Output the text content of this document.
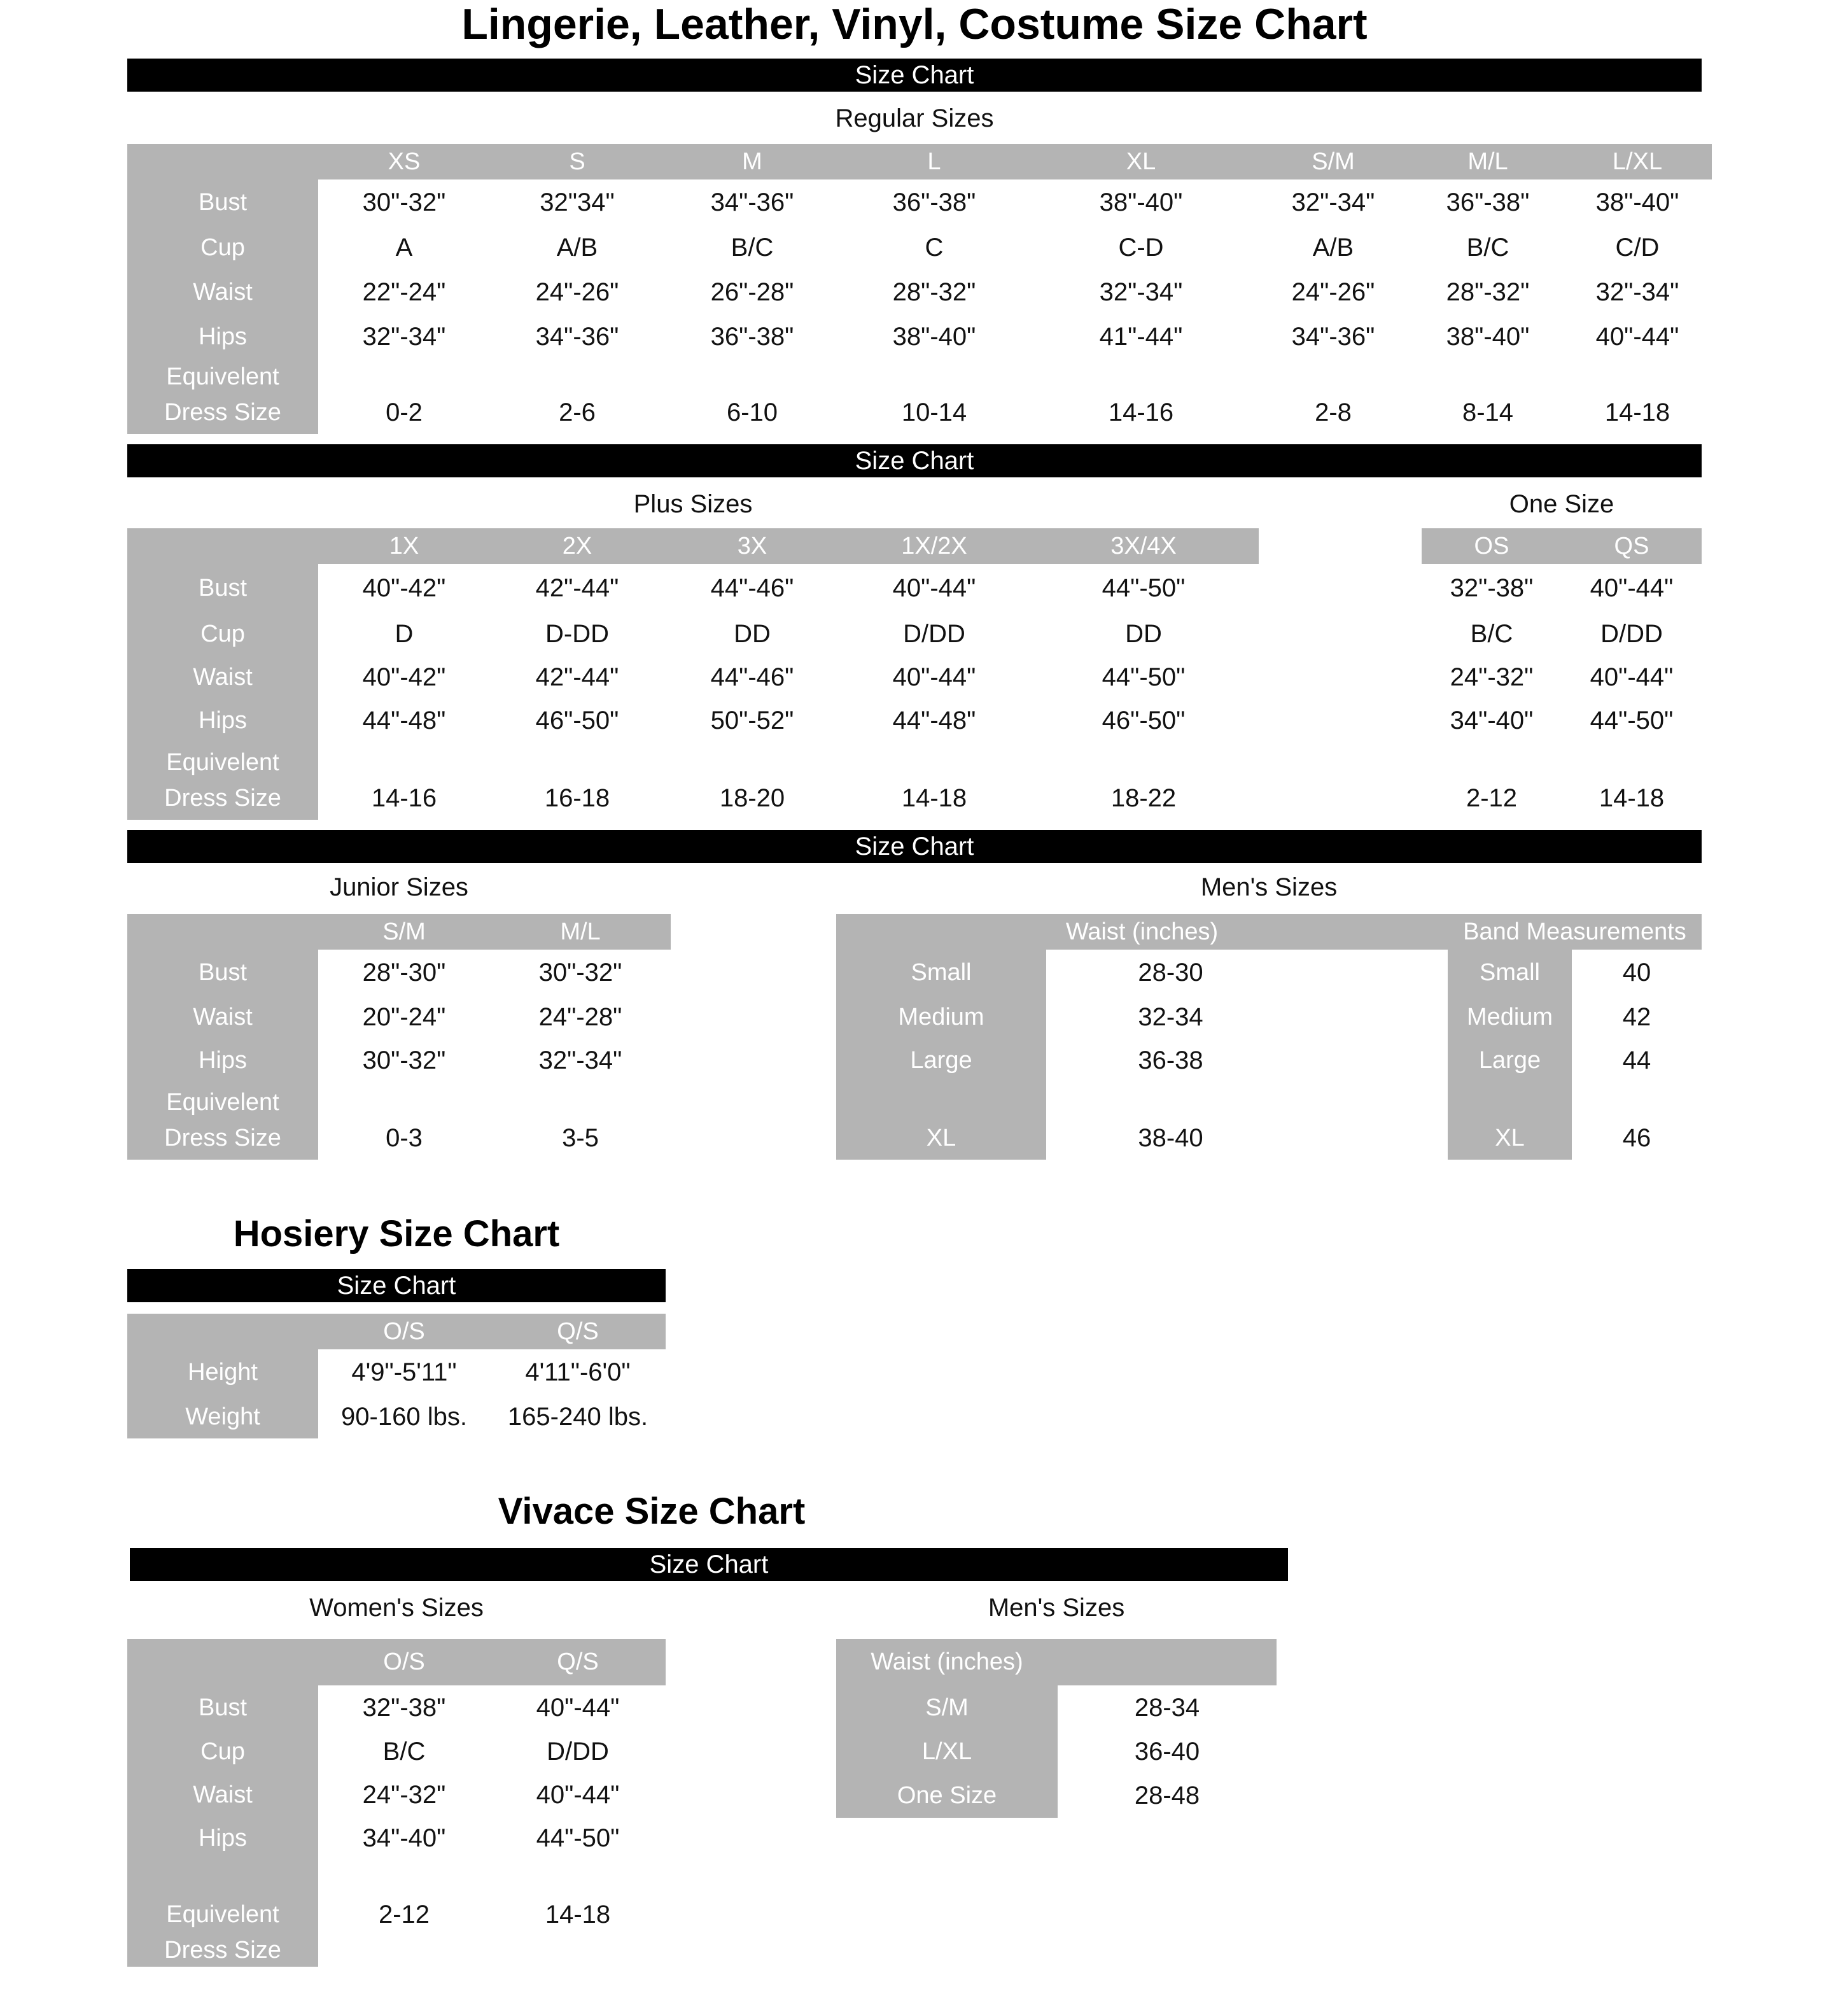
Lingerie, Leather, Vinyl, Costume Size Chart
Size Chart
Regular Sizes
XS	S	M	L	XL	S/M	M/L	L/XL
Bust	30"-32"	32"34"	34"-36"	36"-38"	38"-40"	32"-34"	36"-38"	38"-40"
Cup	A	A/B	B/C	C	C-D	A/B	B/C	C/D
Waist	22"-24"	24"-26"	26"-28"	28"-32"	32"-34"	24"-26"	28"-32"	32"-34"
Hips	32"-34"	34"-36"	36"-38"	38"-40"	41"-44"	34"-36"	38"-40"	40"-44"
Equivelent
Dress Size	0-2	2-6	6-10	10-14	14-16	2-8	8-14	14-18
Size Chart
Plus Sizes	One Size
1X	2X	3X	1X/2X	3X/4X
Bust	40"-42"	42"-44"	44"-46"	40"-44"	44"-50"
Cup	D	D-DD	DD	D/DD	DD
Waist	40"-42"	42"-44"	44"-46"	40"-44"	44"-50"
Hips	44"-48"	46"-50"	50"-52"	44"-48"	46"-50"
Equivelent
Dress Size	14-16	16-18	18-20	14-18	18-22
OS	QS
32"-38"	40"-44"
B/C	D/DD
24"-32"	40"-44"
34"-40"	44"-50"
2-12	14-18
Size Chart
Junior Sizes	Men's Sizes
S/M	M/L
Bust	28"-30"	30"-32"
Waist	20"-24"	24"-28"
Hips	30"-32"	32"-34"
Equivelent
Dress Size	0-3	3-5
Waist (inches)
Small	28-30
Medium	32-34
Large	36-38
XL	38-40
Band Measurements
Small	40
Medium	42
Large	44
XL	46
Hosiery Size Chart
Size Chart
O/S	Q/S
Height	4'9"-5'11"	4'11"-6'0"
Weight	90-160 lbs.	165-240 lbs.
Vivace Size Chart
Size Chart
Women's Sizes	Men's Sizes
O/S	Q/S
Bust	32"-38"	40"-44"
Cup	B/C	D/DD
Waist	24"-32"	40"-44"
Hips	34"-40"	44"-50"
Equivelent
Dress Size
2-12	14-18
Waist (inches)
S/M	28-34
L/XL	36-40
One Size	28-48
